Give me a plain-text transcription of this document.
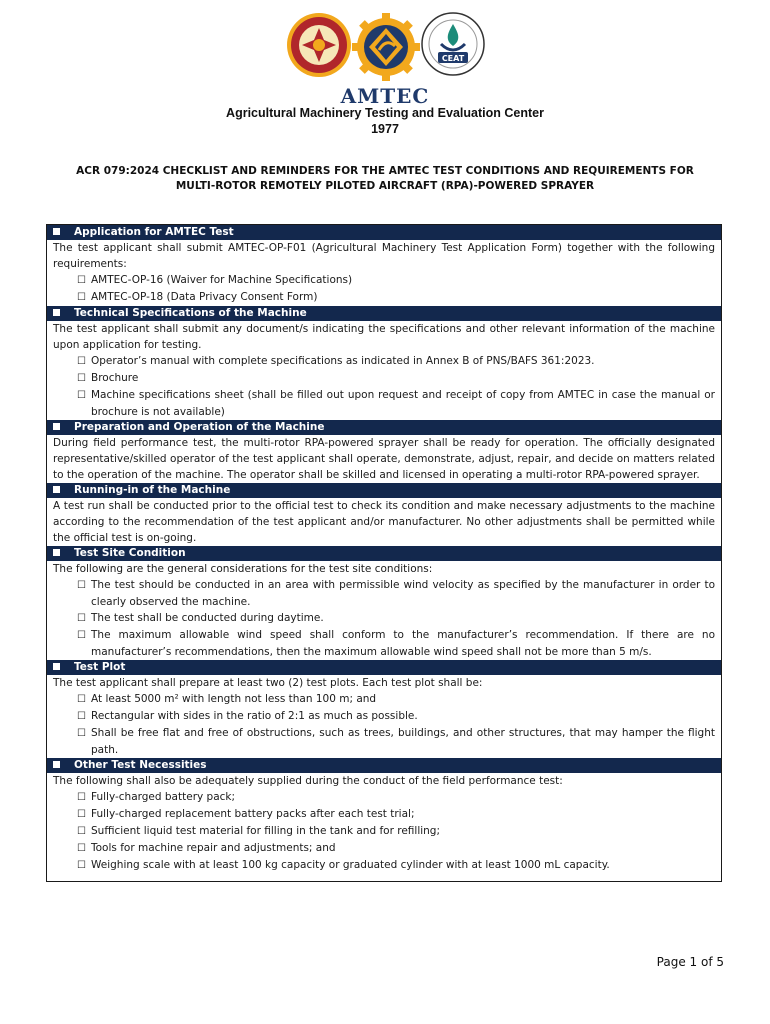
CEAT
AMTEC
Agricultural Machinery Testing and Evaluation Center
1977
ACR 079:2024 CHECKLIST AND REMINDERS FOR THE AMTEC TEST CONDITIONS AND REQUIREMENTS FOR
MULTI-ROTOR REMOTELY PILOTED AIRCRAFT (RPA)-POWERED SPRAYER
Application for AMTEC Test
The test applicant shall submit AMTEC-OP-F01 (Agricultural Machinery Test Application Form) together with the following requirements:
☐ AMTEC-OP-16 (Waiver for Machine Specifications)
☐ AMTEC-OP-18 (Data Privacy Consent Form)
Technical Specifications of the Machine
The test applicant shall submit any document/s indicating the specifications and other relevant information of the machine upon application for testing.
☐ Operator’s manual with complete specifications as indicated in Annex B of PNS/BAFS 361:2023.
☐ Brochure
☐ Machine specifications sheet (shall be filled out upon request and receipt of copy from AMTEC in case the manual or brochure is not available)
Preparation and Operation of the Machine
During field performance test, the multi-rotor RPA-powered sprayer shall be ready for operation. The officially designated representative/skilled operator of the test applicant shall operate, demonstrate, adjust, repair, and decide on matters related to the operation of the machine. The operator shall be skilled and licensed in operating a multi-rotor RPA-powered sprayer.
Running-in of the Machine
A test run shall be conducted prior to the official test to check its condition and make necessary adjustments to the machine according to the recommendation of the test applicant and/or manufacturer. No other adjustments shall be permitted while the official test is on-going.
Test Site Condition
The following are the general considerations for the test site conditions:
☐ The test should be conducted in an area with permissible wind velocity as specified by the manufacturer in order to clearly observed the machine.
☐ The test shall be conducted during daytime.
☐ The maximum allowable wind speed shall conform to the manufacturer’s recommendation. If there are no manufacturer’s recommendations, then the maximum allowable wind speed shall not be more than 5 m/s.
Test Plot
The test applicant shall prepare at least two (2) test plots. Each test plot shall be:
☐ At least 5000 m² with length not less than 100 m; and
☐ Rectangular with sides in the ratio of 2:1 as much as possible.
☐ Shall be free flat and free of obstructions, such as trees, buildings, and other structures, that may hamper the flight path.
Other Test Necessities
The following shall also be adequately supplied during the conduct of the field performance test:
☐ Fully-charged battery pack;
☐ Fully-charged replacement battery packs after each test trial;
☐ Sufficient liquid test material for filling in the tank and for refilling;
☐ Tools for machine repair and adjustments; and
☐ Weighing scale with at least 100 kg capacity or graduated cylinder with at least 1000 mL capacity.
Page 1 of 5
